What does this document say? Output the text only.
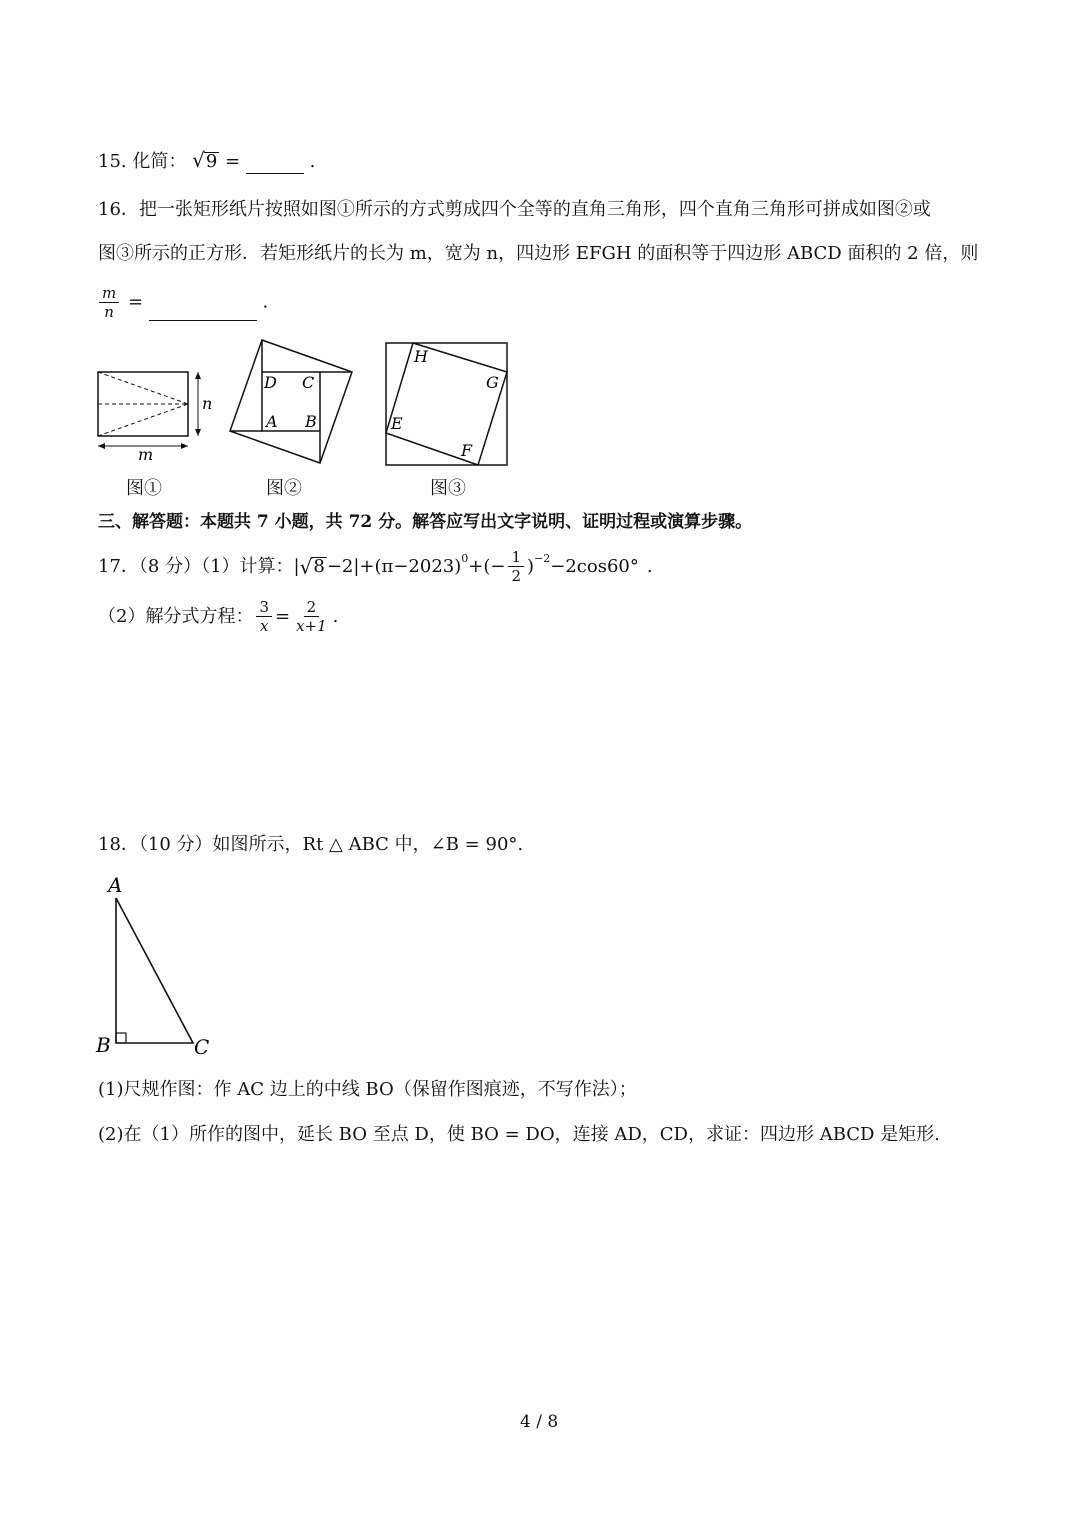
15. 化简： √9 =	.
16．把一张矩形纸片按照如图①所示的方式剪成四个全等的直角三角形，四个直角三角形可拼成如图②或
图③所示的正方形．若矩形纸片的长为 m，宽为 n，四边形 EFGH 的面积等于四边形 ABCD 面积的 2 倍，则
$\frac{m}{n}$ =	.
n
m
D C
A B
H
G
E
F
图①	图②	图③
三、解答题：本题共 7 小题，共 72 分。解答应写出文字说明、证明过程或演算步骤。
17．（8 分）（1）计算： | √ $8 -2|+(\pi-2023)^0$ +(− $\frac{1}{2} )^{-2} -2\cos 60^\circ$ .
（2）解分式方程： $\frac{3}{x} = \frac{2}{x+1}$ .
18．（10 分）如图所示，Rt △ ABC 中，∠B = 90°.
A
B	C
(1)尺规作图：作 AC 边上的中线 BO（保留作图痕迹，不写作法）；
(2)在（1）所作的图中，延长 BO 至点 D，使 BO = DO，连接 AD，CD，求证：四边形 ABCD 是矩形.
4 / 8
